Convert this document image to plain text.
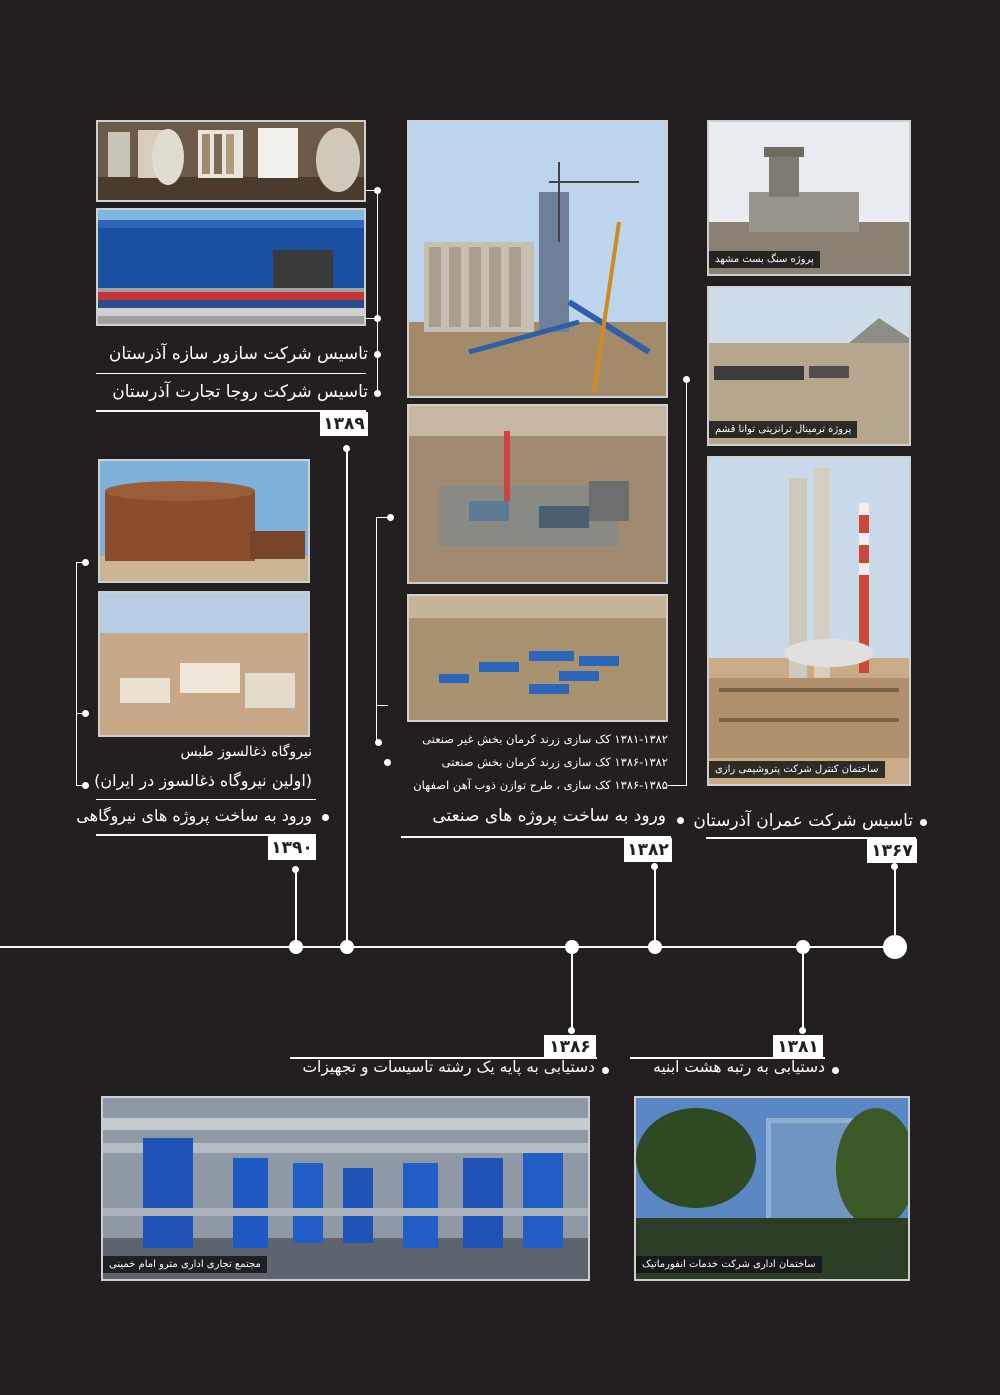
تاسیس شرکت سازور سازه آذرستان
تاسیس شرکت روجا تجارت آذرستان
۱۳۸۹
۱۳۸۱-۱۳۸۲ کک سازی زرند کرمان بخش غیر صنعتی
۱۳۸۶-۱۳۸۲ کک سازی زرند کرمان بخش صنعتی
۱۳۸۶-۱۳۸۵ کک سازی ، طرح توازن ذوب آهن اصفهان
ورود به ساخت پروژه های صنعتی
۱۳۸۲
پروژه سنگ بست مشهد
پروژه ترمینال ترانزیتی توانا قشم
ساختمان کنترل شرکت پتروشیمی رازی
تاسیس شرکت عمران آذرستان
۱۳۶۷
نیروگاه ذغالسوز طبس
(اولین نیروگاه ذغالسوز در ایران)
ورود به ساخت پروژه های نیروگاهی
۱۳۹۰
۱۳۸۶
دستیابی به پایه یک رشته تاسیسات و تجهیزات
مجتمع تجاری اداری مترو امام خمینی
۱۳۸۱
دستیابی به رتبه هشت ابنیه
ساختمان اداری شرکت خدمات انفورماتیک
